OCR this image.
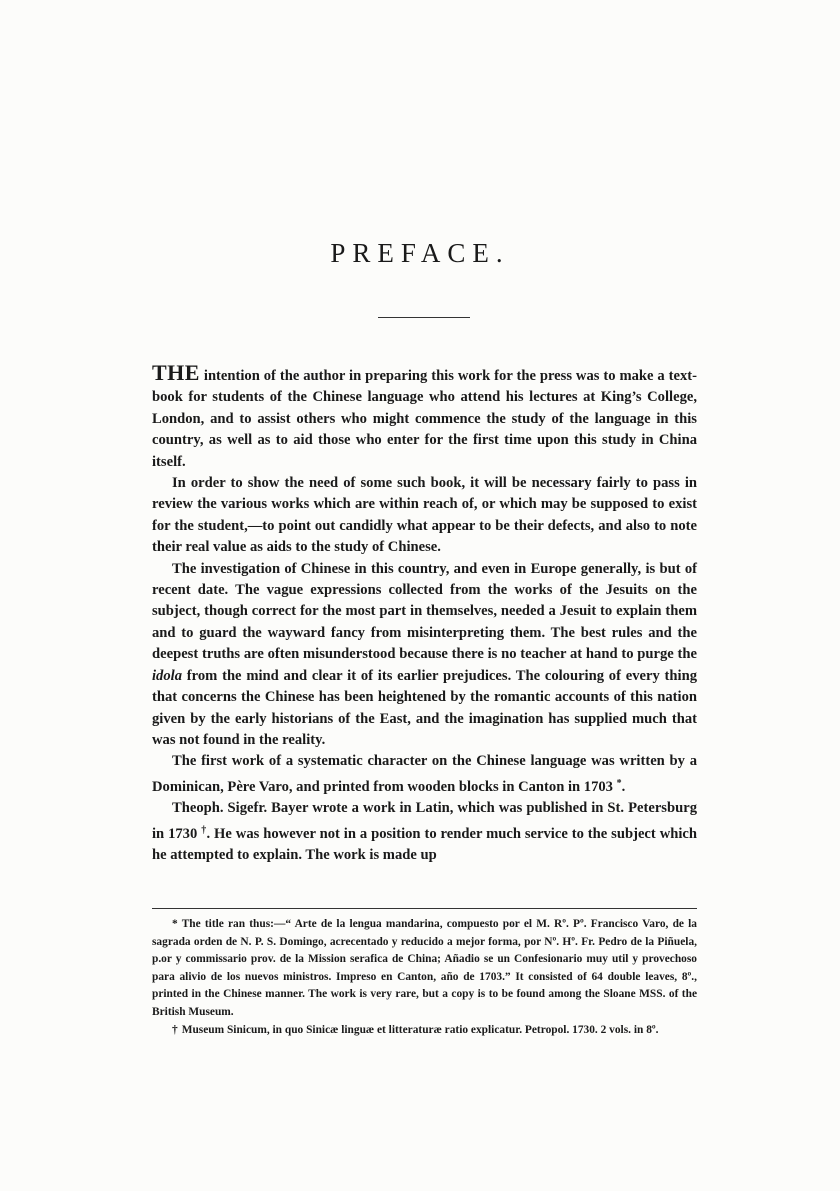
PREFACE.

THE intention of the author in preparing this work for the press was to make a text-book for students of the Chinese language who attend his lectures at King’s College, London, and to assist others who might commence the study of the language in this country, as well as to aid those who enter for the first time upon this study in China itself.

In order to show the need of some such book, it will be necessary fairly to pass in review the various works which are within reach of, or which may be supposed to exist for the student,—to point out candidly what appear to be their defects, and also to note their real value as aids to the study of Chinese.

The investigation of Chinese in this country, and even in Europe generally, is but of recent date. The vague expressions collected from the works of the Jesuits on the subject, though correct for the most part in themselves, needed a Jesuit to explain them and to guard the wayward fancy from misinterpreting them. The best rules and the deepest truths are often misunderstood because there is no teacher at hand to purge the idola from the mind and clear it of its earlier prejudices. The colouring of every thing that concerns the Chinese has been heightened by the romantic accounts of this nation given by the early historians of the East, and the imagination has supplied much that was not found in the reality.

The first work of a systematic character on the Chinese language was written by a Dominican, Père Varo, and printed from wooden blocks in Canton in 1703 *.

Theoph. Sigefr. Bayer wrote a work in Latin, which was published in St. Petersburg in 1730 †. He was however not in a position to render much service to the subject which he attempted to explain. The work is made up

* The title ran thus:—“ Arte de la lengua mandarina, compuesto por el M. Rº. Pº. Francisco Varo, de la sagrada orden de N. P. S. Domingo, acrecentado y reducido a mejor forma, por Nº. Hº. Fr. Pedro de la Piñuela, p.or y commissario prov. de la Mission serafica de China; Añadio se un Confesionario muy util y provechoso para alivio de los nuevos ministros. Impreso en Canton, año de 1703.” It consisted of 64 double leaves, 8º., printed in the Chinese manner. The work is very rare, but a copy is to be found among the Sloane MSS. of the British Museum.

† Museum Sinicum, in quo Sinicæ linguæ et litteraturæ ratio explicatur. Petropol. 1730. 2 vols. in 8º.
